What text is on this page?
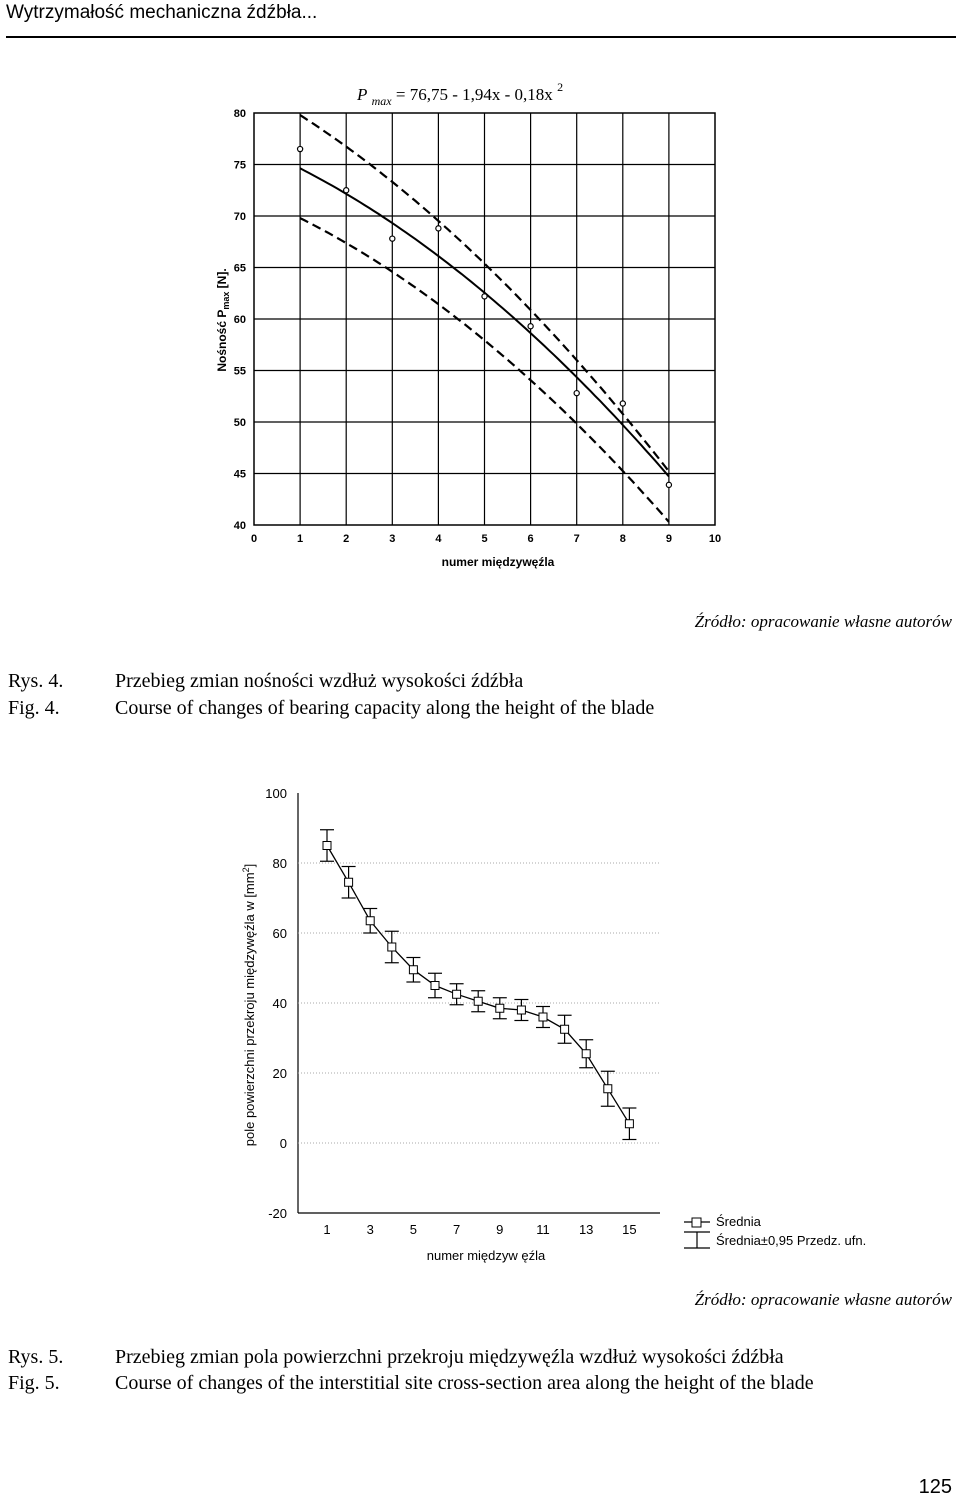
Wytrzymałość mechaniczna źdźbła...
P $_{max}$ = 76,75 - 1,94x - 0,18x $^2$
0	1	2	3	4	5	6	7	8	9	10
40
45
50
55
60
65
70
75
80
numer międzywęźla
Nośność $P_{max}$ [N].
Źródło: opracowanie własne autorów
Rys. 4.	Przebieg zmian nośności wzdłuż wysokości źdźbła
Fig. 4.	Course of changes of bearing capacity along the height of the blade
-20
0
20
40
60
80
100
1	3	5	7	9	11 13 15
numer międzyw ęźla
pole powierzchni przekroju międzywęźla w $[mm^2]$
Średnia
Średnia±0,95 Przedz. ufn.
Źródło: opracowanie własne autorów
Rys. 5.	Przebieg zmian pola powierzchni przekroju międzywęźla wzdłuż wysokości źdźbła
Fig. 5.	Course of changes of the interstitial site cross-section area along the height of the blade
125
